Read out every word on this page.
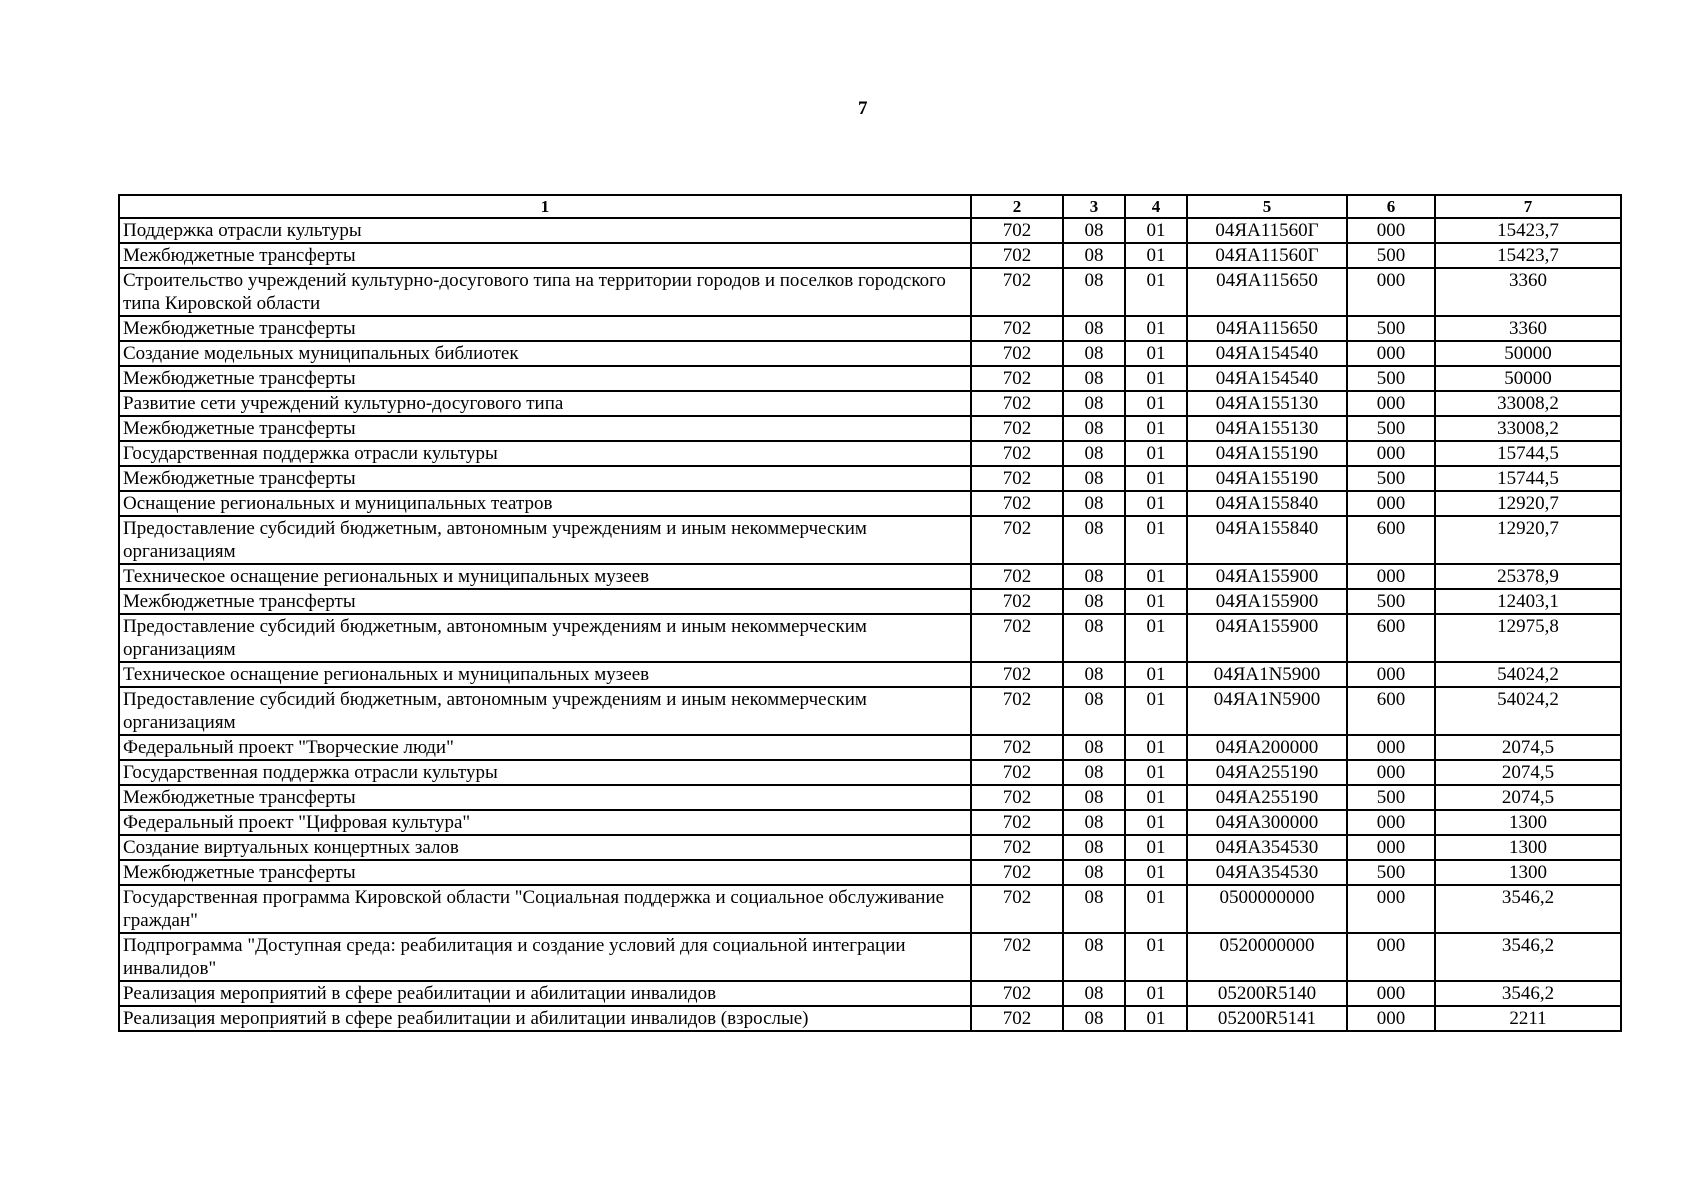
7
1	2	3	4	5	6	7
Поддержка отрасли культуры	702	08	01	04ЯА11560Г	000	15423,7
Межбюджетные трансферты	702	08	01	04ЯА11560Г	500	15423,7
Строительство учреждений культурно-досугового типа на территории городов и поселков городского типа Кировской области	702	08	01	04ЯА115650	000	3360
Межбюджетные трансферты	702	08	01	04ЯА115650	500	3360
Создание модельных муниципальных библиотек	702	08	01	04ЯА154540	000	50000
Межбюджетные трансферты	702	08	01	04ЯА154540	500	50000
Развитие сети учреждений культурно-досугового типа	702	08	01	04ЯА155130	000	33008,2
Межбюджетные трансферты	702	08	01	04ЯА155130	500	33008,2
Государственная поддержка отрасли культуры	702	08	01	04ЯА155190	000	15744,5
Межбюджетные трансферты	702	08	01	04ЯА155190	500	15744,5
Оснащение региональных и муниципальных театров	702	08	01	04ЯА155840	000	12920,7
Предоставление субсидий бюджетным, автономным учреждениям и иным некоммерческим организациям	702	08	01	04ЯА155840	600	12920,7
Техническое оснащение региональных и муниципальных музеев	702	08	01	04ЯА155900	000	25378,9
Межбюджетные трансферты	702	08	01	04ЯА155900	500	12403,1
Предоставление субсидий бюджетным, автономным учреждениям и иным некоммерческим организациям	702	08	01	04ЯА155900	600	12975,8
Техническое оснащение региональных и муниципальных музеев	702	08	01	04ЯА1N5900	000	54024,2
Предоставление субсидий бюджетным, автономным учреждениям и иным некоммерческим организациям	702	08	01	04ЯА1N5900	600	54024,2
Федеральный проект "Творческие люди"	702	08	01	04ЯА200000	000	2074,5
Государственная поддержка отрасли культуры	702	08	01	04ЯА255190	000	2074,5
Межбюджетные трансферты	702	08	01	04ЯА255190	500	2074,5
Федеральный проект "Цифровая культура"	702	08	01	04ЯА300000	000	1300
Создание виртуальных концертных залов	702	08	01	04ЯА354530	000	1300
Межбюджетные трансферты	702	08	01	04ЯА354530	500	1300
Государственная программа Кировской области "Социальная поддержка и социальное обслуживание граждан"	702	08	01	0500000000	000	3546,2
Подпрограмма "Доступная среда: реабилитация и создание условий для социальной интеграции инвалидов"	702	08	01	0520000000	000	3546,2
Реализация мероприятий в сфере реабилитации и абилитации инвалидов	702	08	01	05200R5140	000	3546,2
Реализация мероприятий в сфере реабилитации и абилитации инвалидов (взрослые)	702	08	01	05200R5141	000	2211
